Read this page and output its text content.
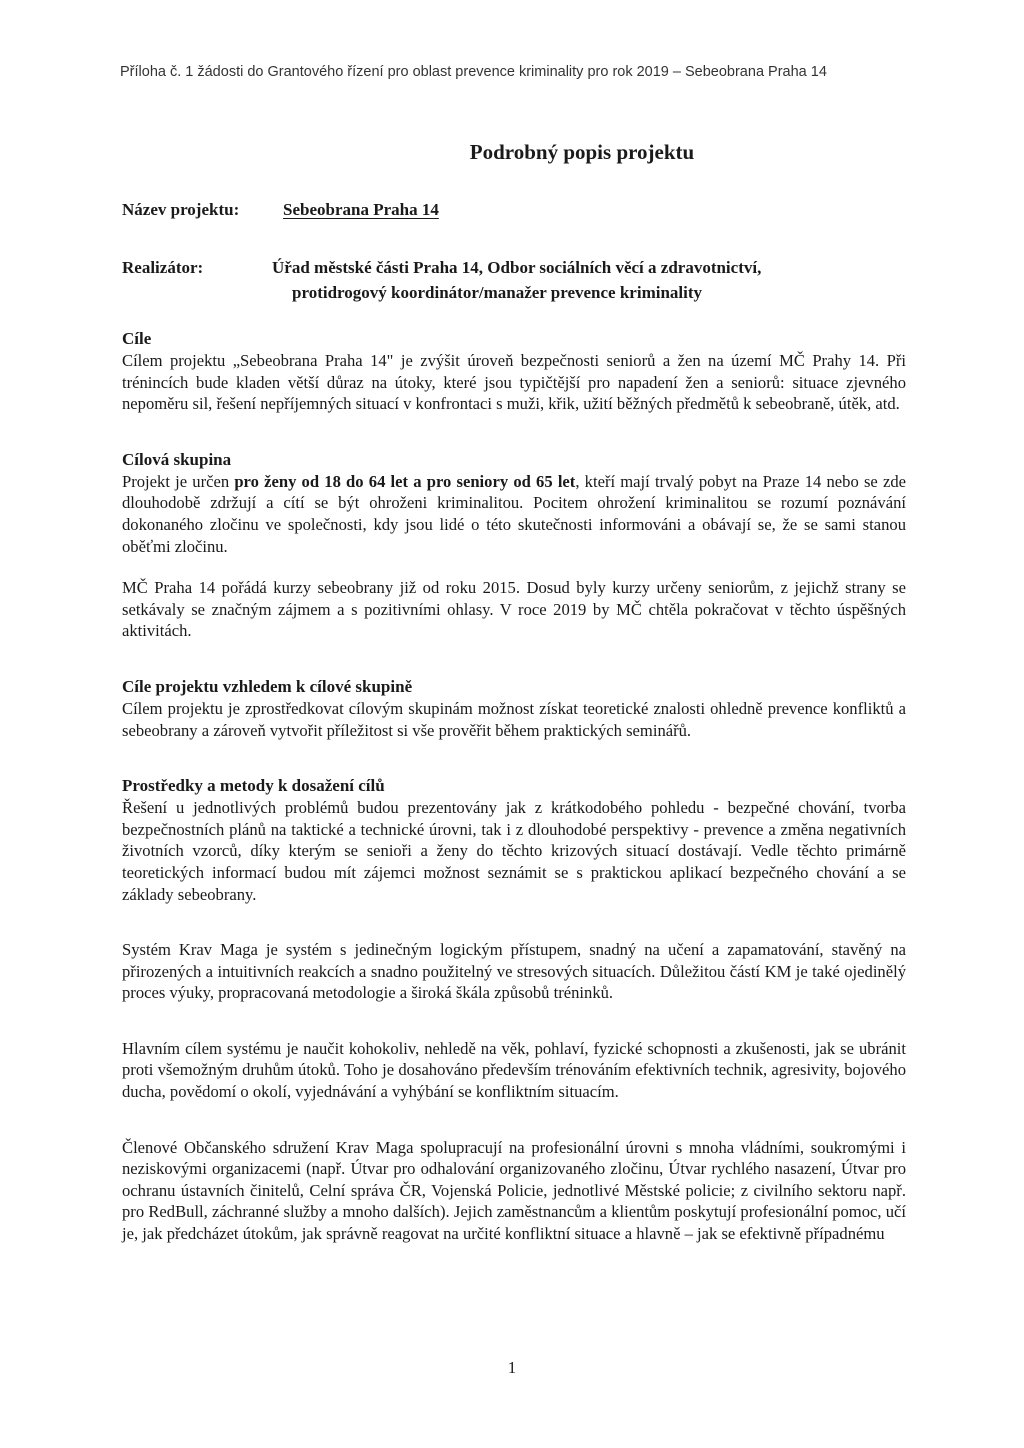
Příloha č. 1 žádosti do Grantového řízení pro oblast prevence kriminality pro rok 2019 – Sebeobrana Praha 14
Podrobný popis projektu
Název projektu:	Sebeobrana Praha 14
Realizátor:	Úřad městské části Praha 14, Odbor sociálních věcí a zdravotnictví,
protidrogový koordinátor/manažer prevence kriminality
Cíle

Cílem projektu „Sebeobrana Praha 14" je zvýšit úroveň bezpečnosti seniorů a žen na území MČ Prahy 14. Při trénincích bude kladen větší důraz na útoky, které jsou typičtější pro napadení žen a seniorů: situace zjevného nepoměru sil, řešení nepříjemných situací v konfrontaci s muži, křik, užití běžných předmětů k sebeobraně, útěk, atd.

Cílová skupina

Projekt je určen pro ženy od 18 do 64 let a pro seniory od 65 let, kteří mají trvalý pobyt na Praze 14 nebo se zde dlouhodobě zdržují a cítí se být ohroženi kriminalitou. Pocitem ohrožení kriminalitou se rozumí poznávání dokonaného zločinu ve společnosti, kdy jsou lidé o této skutečnosti informováni a obávají se, že se sami stanou oběťmi zločinu.

MČ Praha 14 pořádá kurzy sebeobrany již od roku 2015. Dosud byly kurzy určeny seniorům, z jejichž strany se setkávaly se značným zájmem a s pozitivními ohlasy. V roce 2019 by MČ chtěla pokračovat v těchto úspěšných aktivitách.

Cíle projektu vzhledem k cílové skupině

Cílem projektu je zprostředkovat cílovým skupinám možnost získat teoretické znalosti ohledně prevence konfliktů a sebeobrany a zároveň vytvořit příležitost si vše prověřit během praktických seminářů.

Prostředky a metody k dosažení cílů

Řešení u jednotlivých problémů budou prezentovány jak z krátkodobého pohledu - bezpečné chování, tvorba bezpečnostních plánů na taktické a technické úrovni, tak i z dlouhodobé perspektivy - prevence a změna negativních životních vzorců, díky kterým se senioři a ženy do těchto krizových situací dostávají. Vedle těchto primárně teoretických informací budou mít zájemci možnost seznámit se s praktickou aplikací bezpečného chování a se základy sebeobrany.

Systém Krav Maga je systém s jedinečným logickým přístupem, snadný na učení a zapamatování, stavěný na přirozených a intuitivních reakcích a snadno použitelný ve stresových situacích. Důležitou částí KM je také ojedinělý proces výuky, propracovaná metodologie a široká škála způsobů tréninků.

Hlavním cílem systému je naučit kohokoliv, nehledě na věk, pohlaví, fyzické schopnosti a zkušenosti, jak se ubránit proti všemožným druhům útoků. Toho je dosahováno především trénováním efektivních technik, agresivity, bojového ducha, povědomí o okolí, vyjednávání a vyhýbání se konfliktním situacím.

Členové Občanského sdružení Krav Maga spolupracují na profesionální úrovni s mnoha vládními, soukromými i neziskovými organizacemi (např. Útvar pro odhalování organizovaného zločinu, Útvar rychlého nasazení, Útvar pro ochranu ústavních činitelů, Celní správa ČR, Vojenská Policie, jednotlivé Městské policie; z civilního sektoru např. pro RedBull, záchranné služby a mnoho dalších). Jejich zaměstnancům a klientům poskytují profesionální pomoc, učí je, jak předcházet útokům, jak správně reagovat na určité konfliktní situace a hlavně – jak se efektivně případnému

1
